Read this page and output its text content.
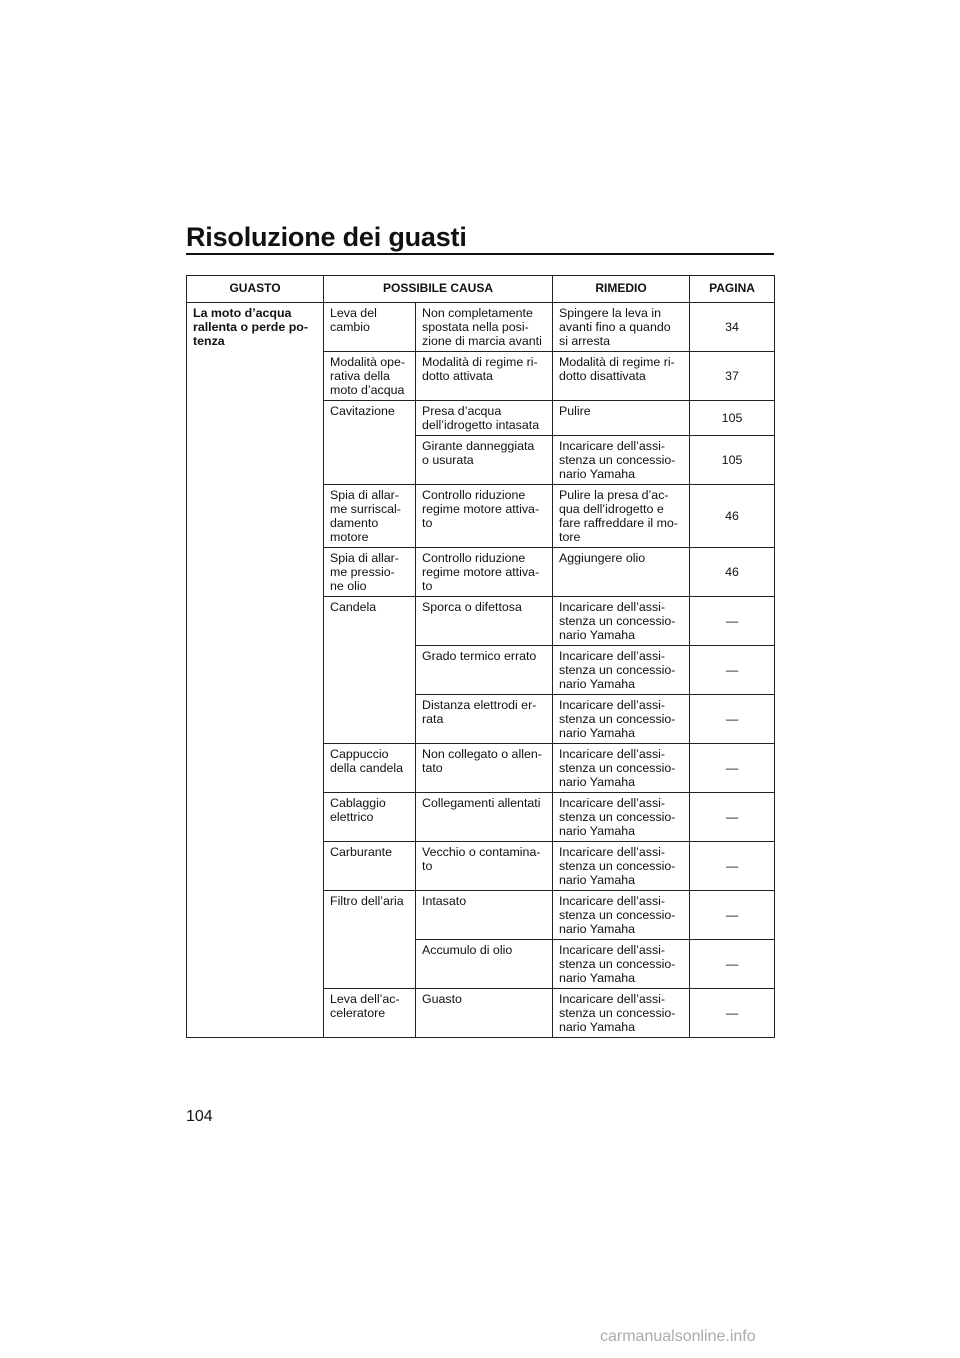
Risoluzione dei guasti
GUASTO	POSSIBILE CAUSA		RIMEDIO	PAGINA
La moto d’acqua
rallenta o perde po-
tenza	Leva del
cambio	Non completamente
spostata nella posi-
zione di marcia avanti	Spingere la leva in
avanti fino a quando
si arresta	34
	Modalità ope-
rativa della
moto d’acqua	Modalità di regime ri-
dotto attivata	Modalità di regime ri-
dotto disattivata	37
	Cavitazione	Presa d’acqua
dell’idrogetto intasata	Pulire	105
		Girante danneggiata
o usurata	Incaricare dell’assi-
stenza un concessio-
nario Yamaha	105
	Spia di allar-
me surriscal-
damento
motore	Controllo riduzione
regime motore attiva-
to	Pulire la presa d’ac-
qua dell’idrogetto e
fare raffreddare il mo-
tore	46
	Spia di allar-
me pressio-
ne olio	Controllo riduzione
regime motore attiva-
to	Aggiungere olio	46
	Candela	Sporca o difettosa	Incaricare dell’assi-
stenza un concessio-
nario Yamaha	—
		Grado termico errato	Incaricare dell’assi-
stenza un concessio-
nario Yamaha	—
		Distanza elettrodi er-
rata	Incaricare dell’assi-
stenza un concessio-
nario Yamaha	—
	Cappuccio
della candela	Non collegato o allen-
tato	Incaricare dell’assi-
stenza un concessio-
nario Yamaha	—
	Cablaggio
elettrico	Collegamenti allentati	Incaricare dell’assi-
stenza un concessio-
nario Yamaha	—
	Carburante	Vecchio o contamina-
to	Incaricare dell’assi-
stenza un concessio-
nario Yamaha	—
	Filtro dell’aria	Intasato	Incaricare dell’assi-
stenza un concessio-
nario Yamaha	—
		Accumulo di olio	Incaricare dell’assi-
stenza un concessio-
nario Yamaha	—
	Leva dell’ac-
celeratore	Guasto	Incaricare dell’assi-
stenza un concessio-
nario Yamaha	—

104

carmanualsonline.info
